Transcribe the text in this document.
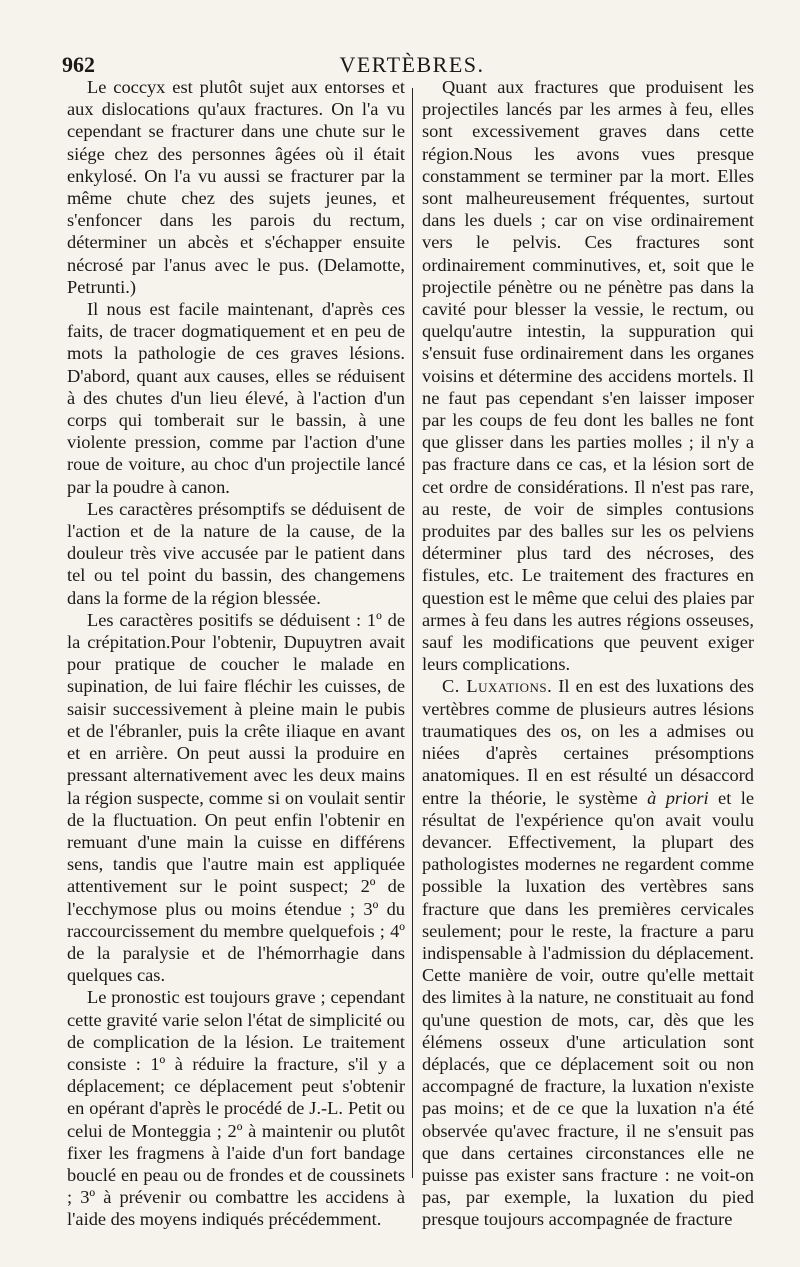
962	VERTÈBRES.

Le coccyx est plutôt sujet aux entorses et aux dislocations qu'aux fractures. On l'a vu cependant se fracturer dans une chute sur le siége chez des personnes âgées où il était enkylosé. On l'a vu aussi se fracturer par la même chute chez des sujets jeunes, et s'enfoncer dans les parois du rectum, déterminer un abcès et s'échapper ensuite nécrosé par l'anus avec le pus. (Delamotte, Petrunti.)

Il nous est facile maintenant, d'après ces faits, de tracer dogmatiquement et en peu de mots la pathologie de ces graves lésions. D'abord, quant aux causes, elles se réduisent à des chutes d'un lieu élevé, à l'action d'un corps qui tomberait sur le bassin, à une violente pression, comme par l'action d'une roue de voiture, au choc d'un projectile lancé par la poudre à canon.

Les caractères présomptifs se déduisent de l'action et de la nature de la cause, de la douleur très vive accusée par le patient dans tel ou tel point du bassin, des changemens dans la forme de la région blessée.

Les caractères positifs se déduisent : 1º de la crépitation.Pour l'obtenir, Dupuytren avait pour pratique de coucher le malade en supination, de lui faire fléchir les cuisses, de saisir successivement à pleine main le pubis et de l'ébranler, puis la crête iliaque en avant et en arrière. On peut aussi la produire en pressant alternativement avec les deux mains la région suspecte, comme si on voulait sentir de la fluctuation. On peut enfin l'obtenir en remuant d'une main la cuisse en différens sens, tandis que l'autre main est appliquée attentivement sur le point suspect; 2º de l'ecchymose plus ou moins étendue ; 3º du raccourcissement du membre quelquefois ; 4º de la paralysie et de l'hémorrhagie dans quelques cas.

Le pronostic est toujours grave ; cependant cette gravité varie selon l'état de simplicité ou de complication de la lésion. Le traitement consiste : 1º à réduire la fracture, s'il y a déplacement; ce déplacement peut s'obtenir en opérant d'après le procédé de J.-L. Petit ou celui de Monteggia ; 2º à maintenir ou plutôt fixer les fragmens à l'aide d'un fort bandage bouclé en peau ou de frondes et de coussinets ; 3º à prévenir ou combattre les accidens à l'aide des moyens indiqués précédemment.

Quant aux fractures que produisent les projectiles lancés par les armes à feu, elles sont excessivement graves dans cette région.Nous les avons vues presque constamment se terminer par la mort. Elles sont malheureusement fréquentes, surtout dans les duels ; car on vise ordinairement vers le pelvis. Ces fractures sont ordinairement comminutives, et, soit que le projectile pénètre ou ne pénètre pas dans la cavité pour blesser la vessie, le rectum, ou quelqu'autre intestin, la suppuration qui s'ensuit fuse ordinairement dans les organes voisins et détermine des accidens mortels. Il ne faut pas cependant s'en laisser imposer par les coups de feu dont les balles ne font que glisser dans les parties molles ; il n'y a pas fracture dans ce cas, et la lésion sort de cet ordre de considérations. Il n'est pas rare, au reste, de voir de simples contusions produites par des balles sur les os pelviens déterminer plus tard des nécroses, des fistules, etc. Le traitement des fractures en question est le même que celui des plaies par armes à feu dans les autres régions osseuses, sauf les modifications que peuvent exiger leurs complications.

C. Luxations. Il en est des luxations des vertèbres comme de plusieurs autres lésions traumatiques des os, on les a admises ou niées d'après certaines présomptions anatomiques. Il en est résulté un désaccord entre la théorie, le système à priori et le résultat de l'expérience qu'on avait voulu devancer. Effectivement, la plupart des pathologistes modernes ne regardent comme possible la luxation des vertèbres sans fracture que dans les premières cervicales seulement; pour le reste, la fracture a paru indispensable à l'admission du déplacement. Cette manière de voir, outre qu'elle mettait des limites à la nature, ne constituait au fond qu'une question de mots, car, dès que les élémens osseux d'une articulation sont déplacés, que ce déplacement soit ou non accompagné de fracture, la luxation n'existe pas moins; et de ce que la luxation n'a été observée qu'avec fracture, il ne s'ensuit pas que dans certaines circonstances elle ne puisse pas exister sans fracture : ne voit-on pas, par exemple, la luxation du pied presque toujours accompagnée de fracture
